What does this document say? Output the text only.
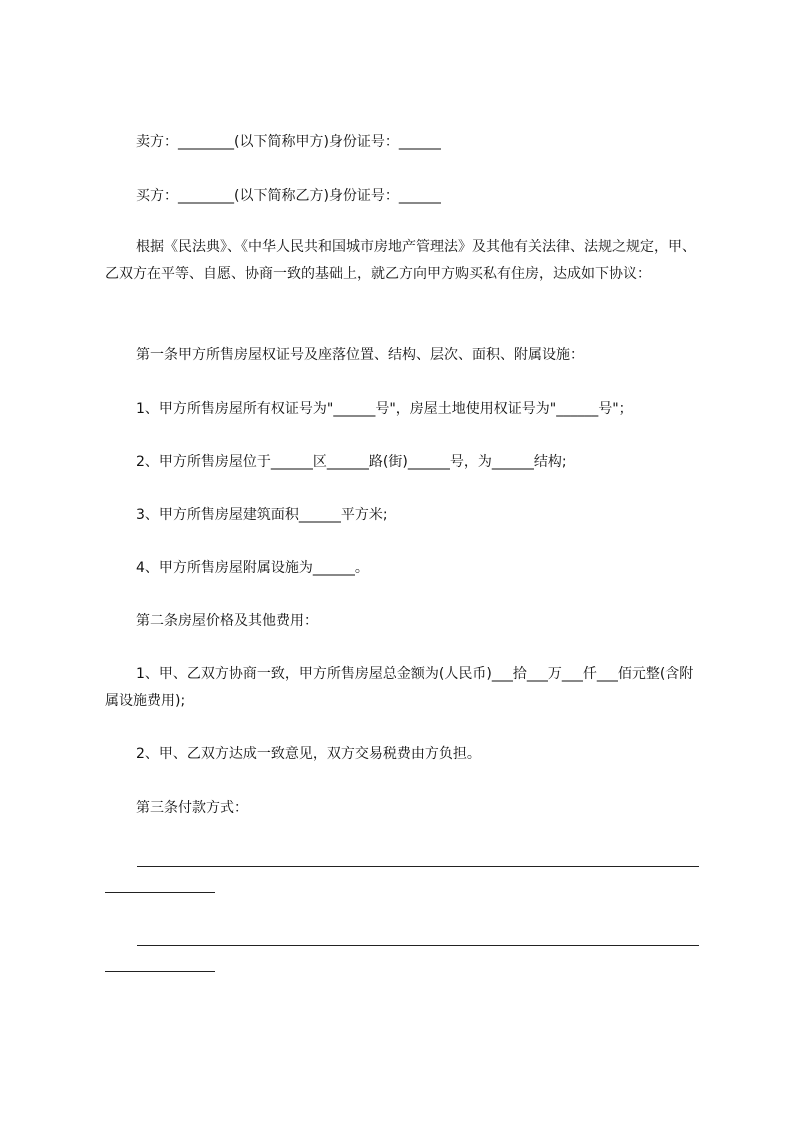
卖方：________(以下简称甲方)身份证号：______
买方：________(以下简称乙方)身份证号：______
根据《民法典》、《中华人民共和国城市房地产管理法》及其他有关法律、法规之规定，甲、乙双方在平等、自愿、协商一致的基础上，就乙方向甲方购买私有住房，达成如下协议：
第一条甲方所售房屋权证号及座落位置、结构、层次、面积、附属设施：
1、甲方所售房屋所有权证号为"______号"，房屋土地使用权证号为"______号"；
2、甲方所售房屋位于______区______路(街)______号，为______结构;
3、甲方所售房屋建筑面积______平方米;
4、甲方所售房屋附属设施为______。
第二条房屋价格及其他费用：
1、甲、乙双方协商一致，甲方所售房屋总金额为(人民币)___拾___万___仟___佰元整(含附属设施费用);
2、甲、乙双方达成一致意见，双方交易税费由方负担。
第三条付款方式：
